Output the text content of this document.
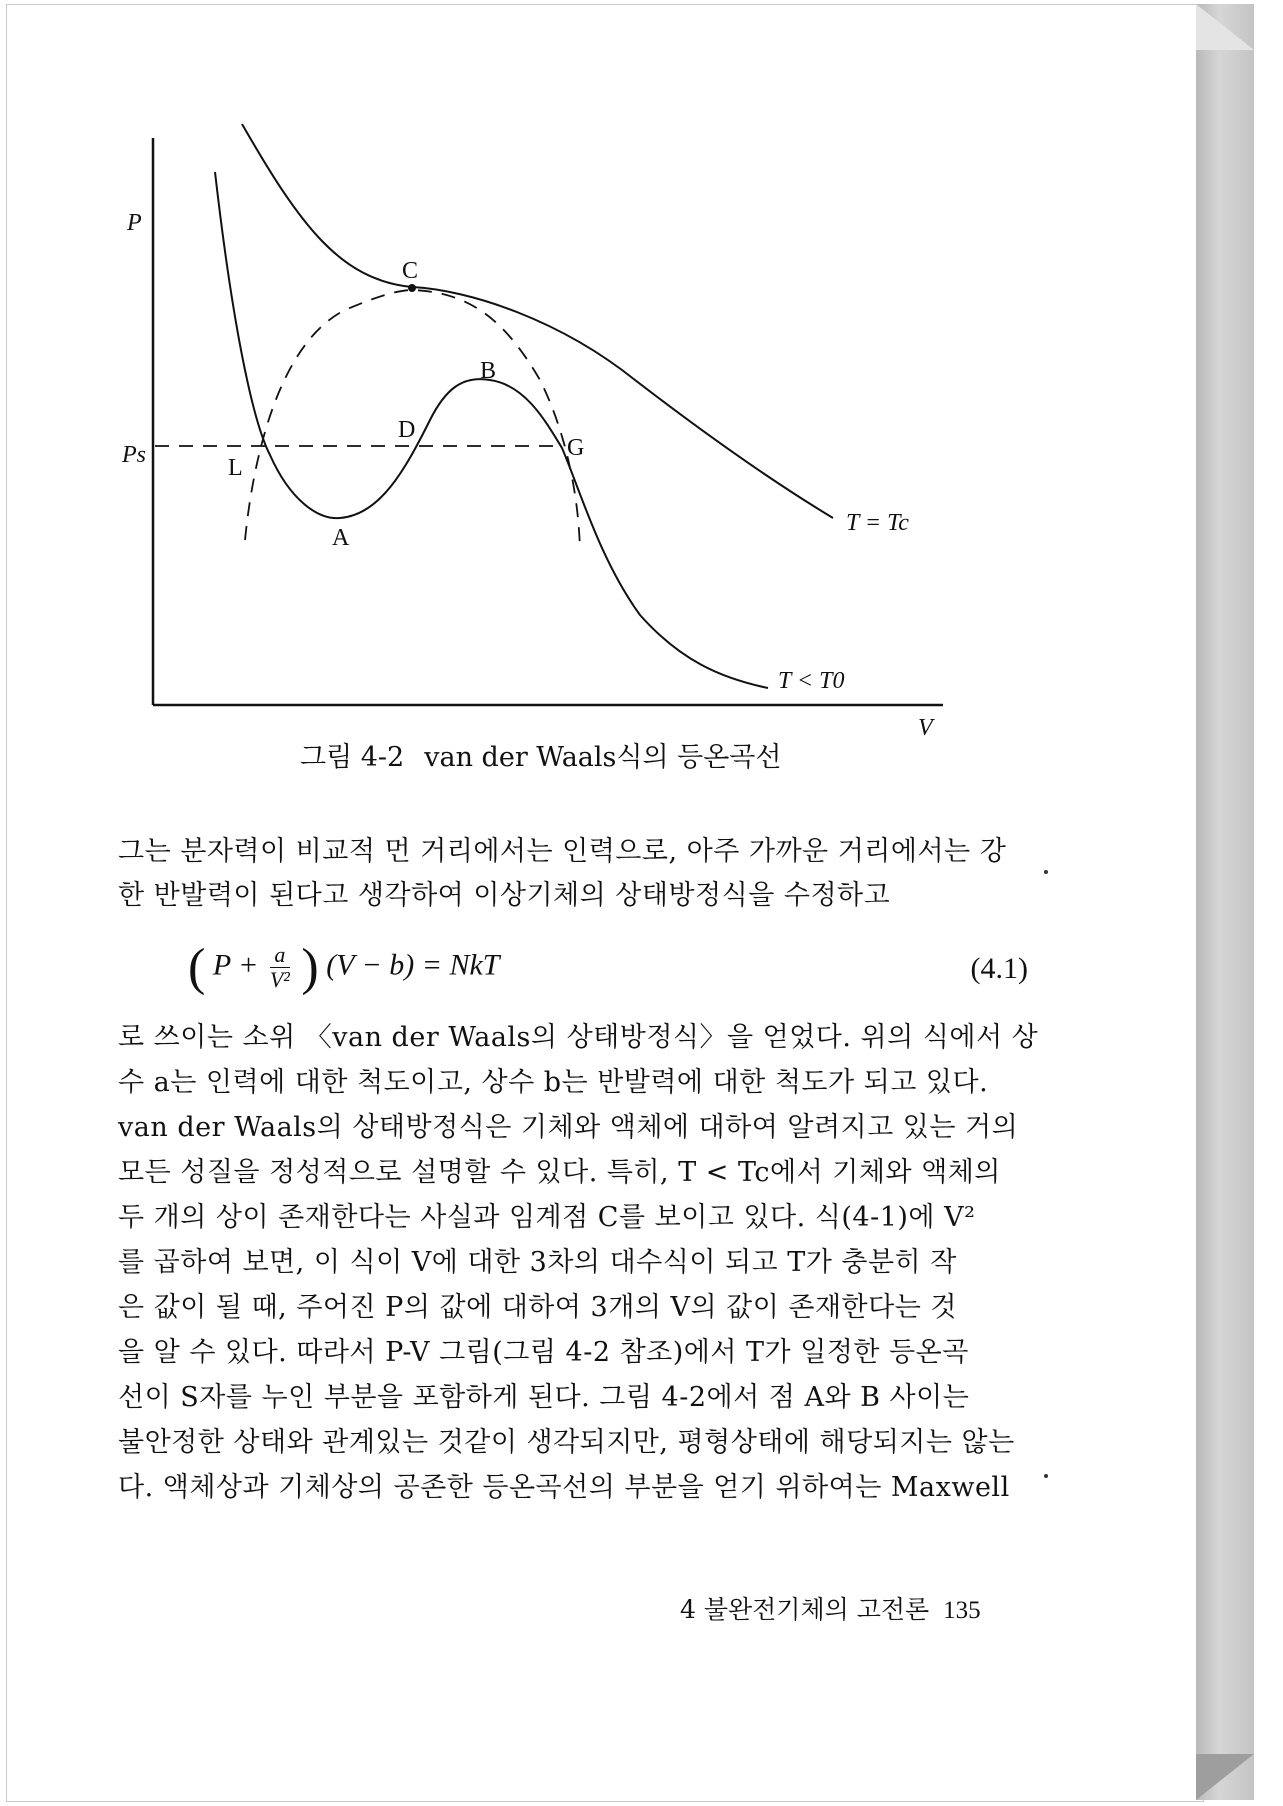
P
Ps
V
C
B
D
G
L
A
T = Tc
T < T0
그림 4-2 van der Waals식의 등온곡선
그는 분자력이 비교적 먼 거리에서는 인력으로, 아주 가까운 거리에서는 강
한 반발력이 된다고 생각하여 이상기체의 상태방정식을 수정하고
( $P + \frac{a}{\text{V²}}$ ) (V − b) = NkT	(4.1)
로 쓰이는 소위 〈van der Waals의 상태방정식〉을 얻었다. 위의 식에서 상
수 a는 인력에 대한 척도이고, 상수 b는 반발력에 대한 척도가 되고 있다.
van der Waals의 상태방정식은 기체와 액체에 대하여 알려지고 있는 거의
모든 성질을 정성적으로 설명할 수 있다. 특히, T < Tc에서 기체와 액체의
두 개의 상이 존재한다는 사실과 임계점 C를 보이고 있다. 식(4-1)에 V²
를 곱하여 보면, 이 식이 V에 대한 3차의 대수식이 되고 T가 충분히 작
은 값이 될 때, 주어진 P의 값에 대하여 3개의 V의 값이 존재한다는 것
을 알 수 있다. 따라서 P-V 그림(그림 4-2 참조)에서 T가 일정한 등온곡
선이 S자를 누인 부분을 포함하게 된다. 그림 4-2에서 점 A와 B 사이는
불안정한 상태와 관계있는 것같이 생각되지만, 평형상태에 해당되지는 않는
다. 액체상과 기체상의 공존한 등온곡선의 부분을 얻기 위하여는 Maxwell
4 불완전기체의 고전론 135
